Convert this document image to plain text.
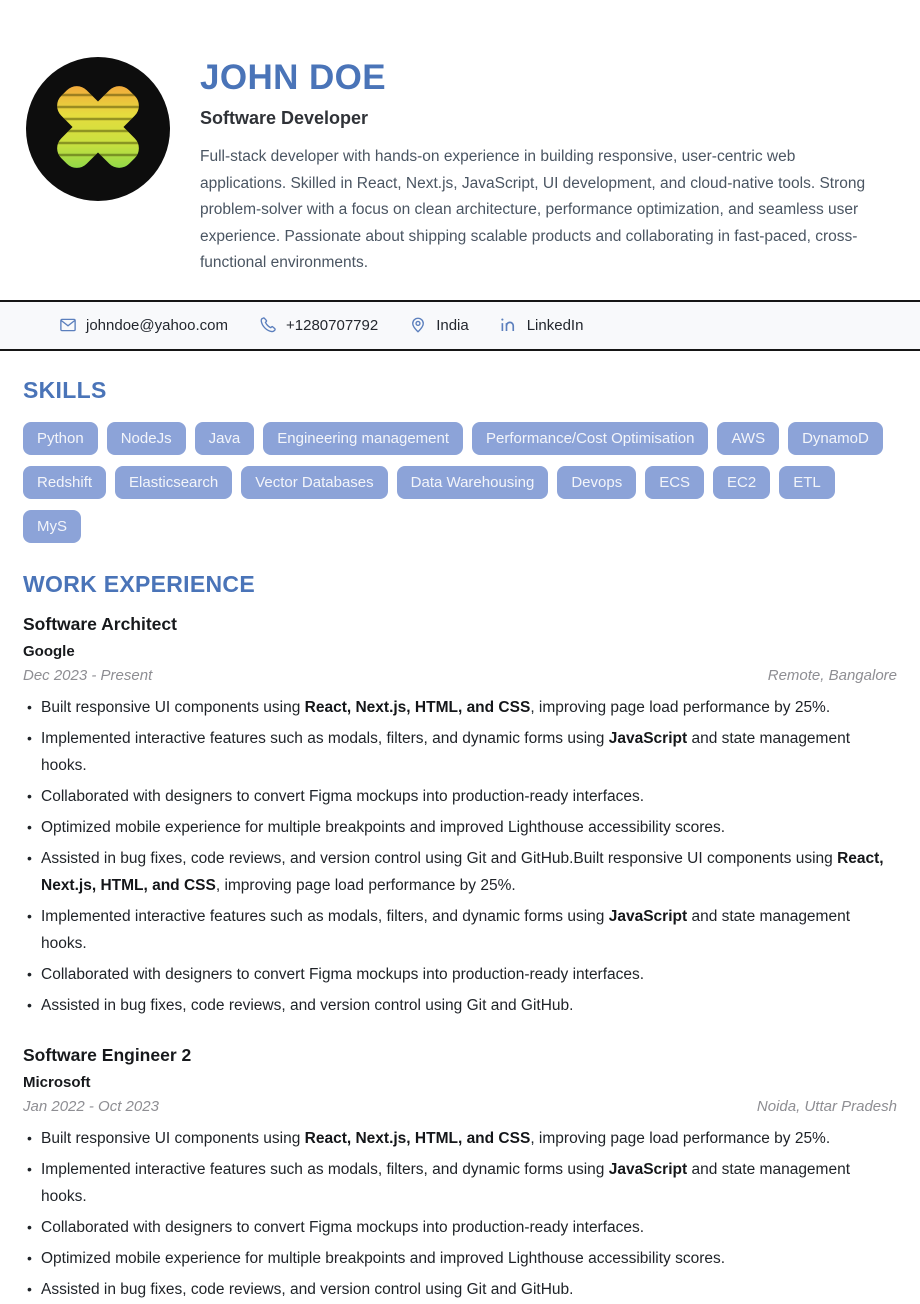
JOHN DOE
Software Developer
Full-stack developer with hands-on experience in building responsive, user-centric web applications. Skilled in React, Next.js, JavaScript, UI development, and cloud-native tools. Strong problem-solver with a focus on clean architecture, performance optimization, and seamless user experience. Passionate about shipping scalable products and collaborating in fast-paced, cross-functional environments.
johndoe@yahoo.com	+1280707792	India	LinkedIn
SKILLS
Python	NodeJs	Java	Engineering management	Performance/Cost Optimisation	AWS	DynamoD
Redshift	Elasticsearch	Vector Databases	Data Warehousing	Devops	ECS	EC2	ETL
MyS
WORK EXPERIENCE
Software Architect
Google
Dec 2023 - Present	Remote, Bangalore
• Built responsive UI components using React, Next.js, HTML, and CSS, improving page load performance by 25%.
• Implemented interactive features such as modals, filters, and dynamic forms using JavaScript and state management hooks.
• Collaborated with designers to convert Figma mockups into production-ready interfaces.
• Optimized mobile experience for multiple breakpoints and improved Lighthouse accessibility scores.
• Assisted in bug fixes, code reviews, and version control using Git and GitHub.Built responsive UI components using React, Next.js, HTML, and CSS, improving page load performance by 25%.
• Implemented interactive features such as modals, filters, and dynamic forms using JavaScript and state management hooks.
• Collaborated with designers to convert Figma mockups into production-ready interfaces.
• Assisted in bug fixes, code reviews, and version control using Git and GitHub.
Software Engineer 2
Microsoft
Jan 2022 - Oct 2023	Noida, Uttar Pradesh
• Built responsive UI components using React, Next.js, HTML, and CSS, improving page load performance by 25%.
• Implemented interactive features such as modals, filters, and dynamic forms using JavaScript and state management hooks.
• Collaborated with designers to convert Figma mockups into production-ready interfaces.
• Optimized mobile experience for multiple breakpoints and improved Lighthouse accessibility scores.
• Assisted in bug fixes, code reviews, and version control using Git and GitHub.
